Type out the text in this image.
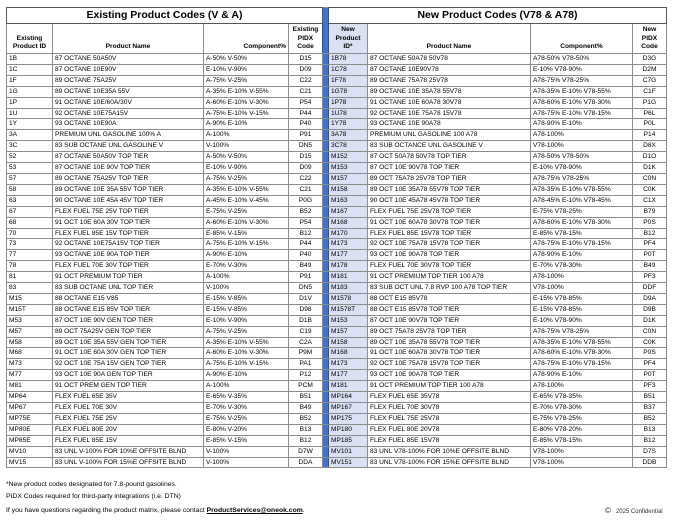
Existing Product Codes (V & A)					New Product Codes (V78 & A78)			
Existing Product ID	Product Name	Component%	Existing PIDX Code		New Product ID*	Product Name	Component%	New PIDX Code
1B	87 OCTANE 50A50V	A-50% V-50%	D15		1B78	87 OCTANE 50A78 50V78	A78-50% V78-50%	D3G
1C	87 OCTANE 10E90V	E-10% V-90%	D09		1C78	87 OCTANE 10E90V78	E-10% V78-90%	D2M
1F	89 OCTANE 75A25V	A-75% V-25%	C22		1F78	89 OCTANE 75A78 25V78	A78-75% V78-25%	C7G
1G	89 OCTANE 10E35A 55V	A-35% E-10% V-55%	C21		1G78	89 OCTANE 10E 35A78 55V78	A78-35% E-10% V78-55%	C1F
1P	91 OCTANE 10E/60A/30V	A-60% E-10% V-30%	P54		1P78	91 OCTANE 10E 60A78 30V78	A78-60% E-10% V78-30%	P1G
1U	92 OCTANE 10E75A15V	A-75% E-10% V-15%	P44		1U78	92 OCTANE 10E 75A78 15V78	A78-75% E-10% V78-15%	P6L
1Y	93 OCTANE 10E90A	A-90% E-10%	P40		1Y78	93 OCTANE 10E 90A78	A78-90% E-10%	P0L
3A	PREMIUM UNL GASOLINE 100% A	A-100%	P91		3A78	PREMIUM UNL GASOLINE 100 A78	A78-100%	P14
3C	83 SUB OCTANE UNL GASOLINE V	V-100%	DN5		3C78	83 SUB OCTANCE UNL GASOLINE V	V78-100%	D8X
52	87 OCTANE 50A50V TOP TIER	A-50% V-50%	D15		M152	87 OCT 50A78 50V78 TOP TIER	A78-50% V78-50%	D1O
53	87 OCTANE 10E 90V TOP TIER	E-10% V-90%	D09		M153	87 OCT 10E 90V78 TOP TIER	E-10% V78-90%	D1K
57	89 OCTANE 75A25V TOP TIER	A-75% V-25%	C22		M157	89 OCT 75A78 25V78 TOP TIER	A78-75% V78-25%	C0N
58	89 OCTANE 10E 35A 55V TOP TIER	A-35% E-10% V-55%	C21		M158	89 OCT 10E 35A78 55V78 TOP TIER	A78-35% E-10% V78-55%	C0K
63	90 OCTANE 10E 45A 45V TOP TIER	A-45% E-10% V-45%	P0G		M163	90 OCT 10E 45A78 45V78 TOP TIER	A78-45% E-10% V78-45%	C1X
67	FLEX FUEL 75E 25V TOP TIER	E-75% V-25%	B52		M167	FLEX FUEL 75E 25V78 TOP TIER	E-75% V78-25%	B79
68	91 OCT 10E 60A 30V TOP TIER	A-60% E-10% V-30%	P54		M168	91 OCT 10E 60A78 30V78 TOP TIER	A78-60% E-10% V78-30%	P0S
70	FLEX FUEL 85E 15V TOP TIER	E-85% V-15%	B12		M170	FLEX FUEL 85E 15V78 TOP TIER	E-85% V78-15%	B12
73	92 OCTANE 10E75A15V TOP TIER	A-75% E-10% V-15%	P44		M173	92 OCT 10E 75A78 15V78 TOP TIER	A78-75% E-10% V78-15%	PF4
77	93 OCTANE 10E 90A TOP TIER	A-90% E-10%	P40		M177	93 OCT 10E 90A78 TOP TIER	A78-90% E-10%	P0T
78	FLEX FUEL 70E 30V TOP TIER	E-70% V-30%	B49		M178	FLEX FUEL 70E 30V78 TOP TIER	E-70% V78-30%	B49
81	91 OCT PREMIUM TOP TIER	A-100%	P91		M181	91 OCT PREMIUM TOP TIER 100 A78	A78-100%	PF3
83	83 SUB OCTANE UNL TOP TIER	V-100%	DN5		M183	83 SUB OCT UNL 7.8 RVP 100 A78 TOP TIER	V78-100%	DDF
M15	88 OCTANE E15 V85	E-15% V-85%	D1V		M1578	88 OCT E15 85V78	E-15% V78-85%	D9A
M15T	88 OCTANE E15 85V TOP TIER	E-15% V-85%	D98		M1578T	88 OCT E15 85V78 TOP TIER	E-15% V78-85%	D9B
M53	87 OCT 10E 90V GEN TOP TIER	E-10% V-90%	D1B		M153	87 OCT 10E 90V78 TOP TIER	E-10% V78-90%	D1K
M57	89 OCT 75A25V GEN TOP TIER	A-75% V-25%	C19		M157	89 OCT 75A78 25V78 TOP TIER	A78-75% V78-25%	C0N
M58	89 OCT 10E 35A 55V GEN TOP TIER	A-35% E-10% V-55%	C2A		M158	89 OCT 10E 35A78 55V78 TOP TIER	A78-35% E-10% V78-55%	C0K
M68	91 OCT 10E 60A 30V GEN TOP TIER	A-60% E-10% V-30%	P9M		M168	91 OCT 10E 60A78 30V78 TOP TIER	A78-60% E-10% V78-30%	P0S
M73	92 OCT 10E 75A 15V GEN TOP TIER	A-75% E-10% V-15%	PA1		M173	92 OCT 10E 75A78 15V78 TOP TIER	A78-75% E-10% V78-15%	PF4
M77	93 OCT 10E 90A GEN TOP TIER	A-90% E-10%	P12		M177	93 OCT 10E 90A78 TOP TIER	A78-90% E-10%	P0T
M81	91 OCT PREM GEN TOP TIER	A-100%	PCM		M181	91 OCT PREMIUM TOP TIER 100 A78	A78-100%	PF3
MP64	FLEX FUEL 65E 35V	E-65% V-35%	B51		MP164	FLEX FUEL 65E 35V78	E-65% V78-35%	B51
MP67	FLEX FUEL 70E 30V	E-70% V-30%	B49		MP167	FLEX FUEL 70E 30V78	E-70% V78-30%	B37
MP75E	FLEX FUEL 75E 25V	E-75% V-25%	B52		MP175	FLEX FUEL 75E 25V78	E-75% V78-25%	B52
MP80E	FLEX FUEL 80E 20V	E-80% V-20%	B13		MP180	FLEX FUEL 80E 20V78	E-80% V78-20%	B13
MP85E	FLEX FUEL 85E 15V	E-85% V-15%	B12		MP185	FLEX FUEL 85E 15V78	E-85% V78-15%	B12
MV10	83 UNL V-100% FOR 10%E OFFSITE BLND	V-100%	D7W		MV101	83 UNL V78-100% FOR 10%E OFFSITE BLND	V78-100%	D7S
MV15	83 UNL V-100% FOR 15%E OFFSITE BLND	V-100%	DDA		MV151	83 UNL V78-100% FOR 15%E OFFSITE BLND	V78-100%	DDB
*New product codes designated for 7.8-pound gasolines.
PIDX Codes required for third-party integrations (i.e. DTN)
If you have questions regarding the product matrix, please contact ProductServices@oneok.com.	© 2025 Confidential
